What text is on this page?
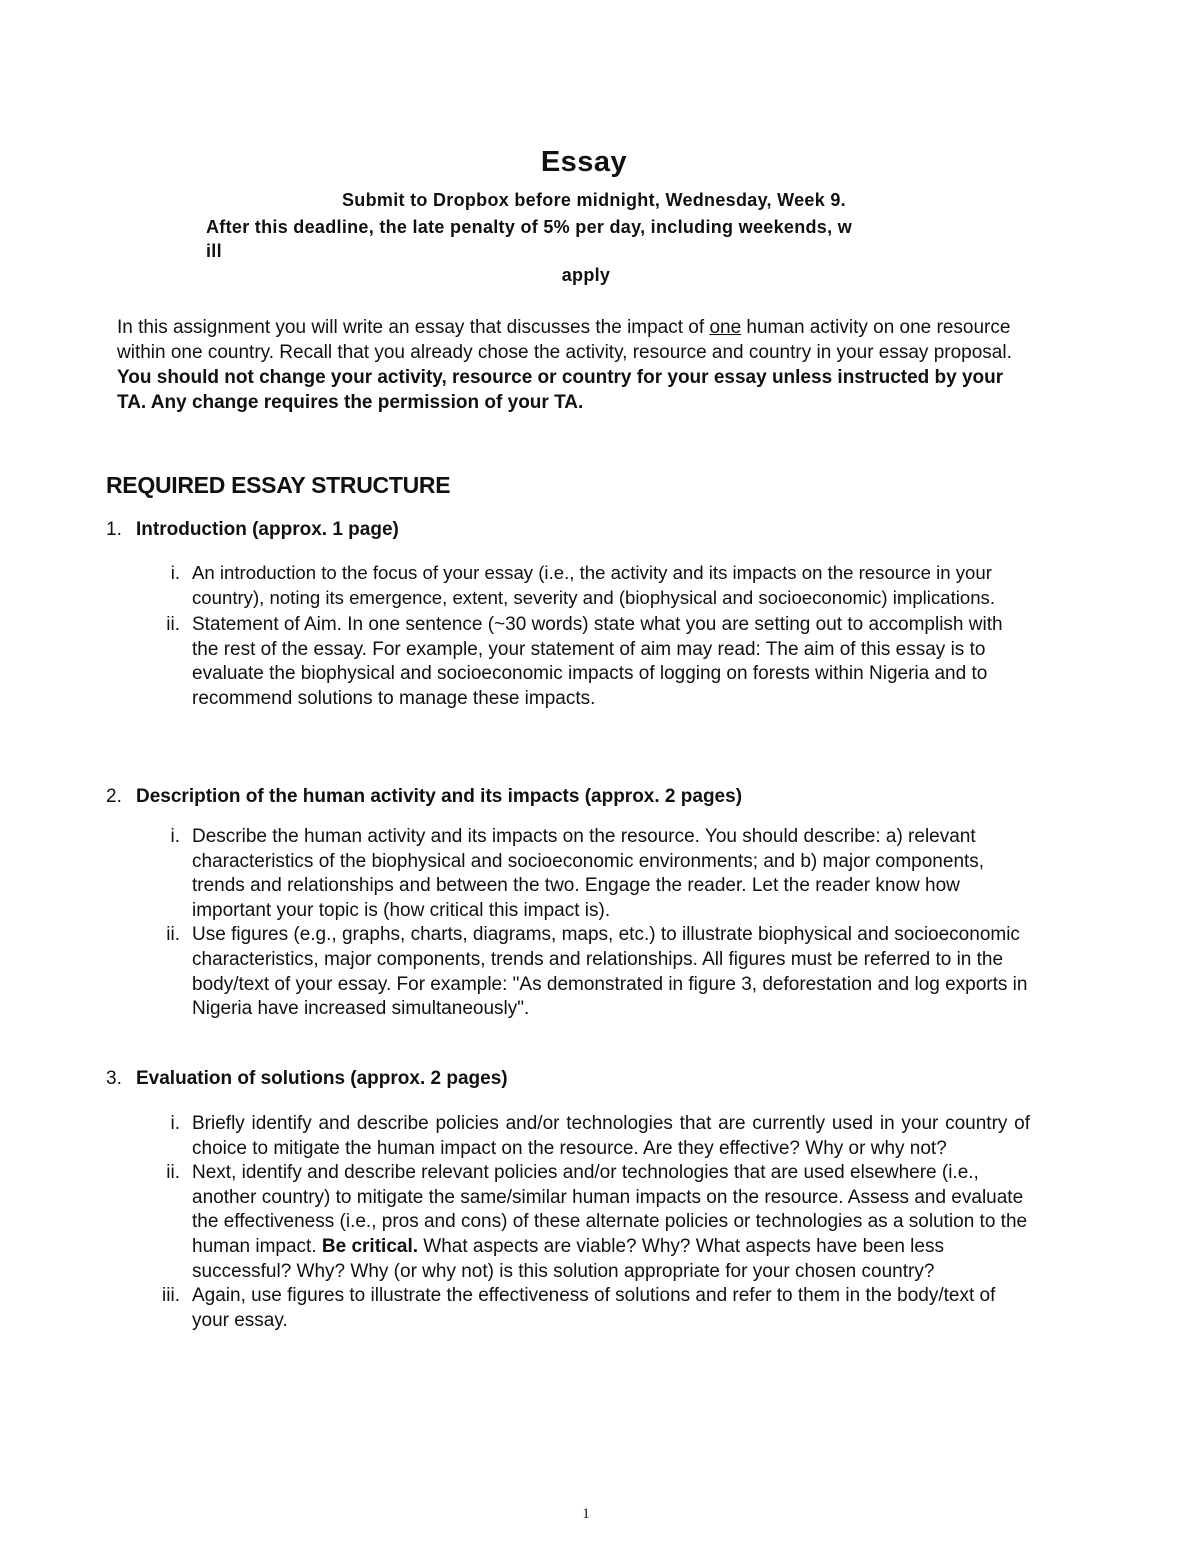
Essay
Submit to Dropbox before midnight, Wednesday, Week 9.
After this deadline, the late penalty of 5% per day, including weekends, w
ill
apply

In this assignment you will write an essay that discusses the impact of one human activity on one resource within one country. Recall that you already chose the activity, resource and country in your essay proposal. You should not change your activity, resource or country for your essay unless instructed by your TA. Any change requires the permission of your TA.

REQUIRED ESSAY STRUCTURE
1. Introduction (approx. 1 page)
i. An introduction to the focus of your essay (i.e., the activity and its impacts on the resource in your country), noting its emergence, extent, severity and (biophysical and socioeconomic) implications.
ii. Statement of Aim. In one sentence (~30 words) state what you are setting out to accomplish with the rest of the essay. For example, your statement of aim may read: The aim of this essay is to evaluate the biophysical and socioeconomic impacts of logging on forests within Nigeria and to recommend solutions to manage these impacts.
2. Description of the human activity and its impacts (approx. 2 pages)
i. Describe the human activity and its impacts on the resource. You should describe: a) relevant characteristics of the biophysical and socioeconomic environments; and b) major components, trends and relationships and between the two. Engage the reader. Let the reader know how important your topic is (how critical this impact is).
ii. Use figures (e.g., graphs, charts, diagrams, maps, etc.) to illustrate biophysical and socioeconomic characteristics, major components, trends and relationships. All figures must be referred to in the body/text of your essay. For example: "As demonstrated in figure 3, deforestation and log exports in Nigeria have increased simultaneously".
3. Evaluation of solutions (approx. 2 pages)
i. Briefly identify and describe policies and/or technologies that are currently used in your country of choice to mitigate the human impact on the resource. Are they effective? Why or why not?
ii. Next, identify and describe relevant policies and/or technologies that are used elsewhere (i.e., another country) to mitigate the same/similar human impacts on the resource. Assess and evaluate the effectiveness (i.e., pros and cons) of these alternate policies or technologies as a solution to the human impact. Be critical. What aspects are viable? Why? What aspects have been less successful? Why? Why (or why not) is this solution appropriate for your chosen country?
iii. Again, use figures to illustrate the effectiveness of solutions and refer to them in the body/text of your essay.
1
